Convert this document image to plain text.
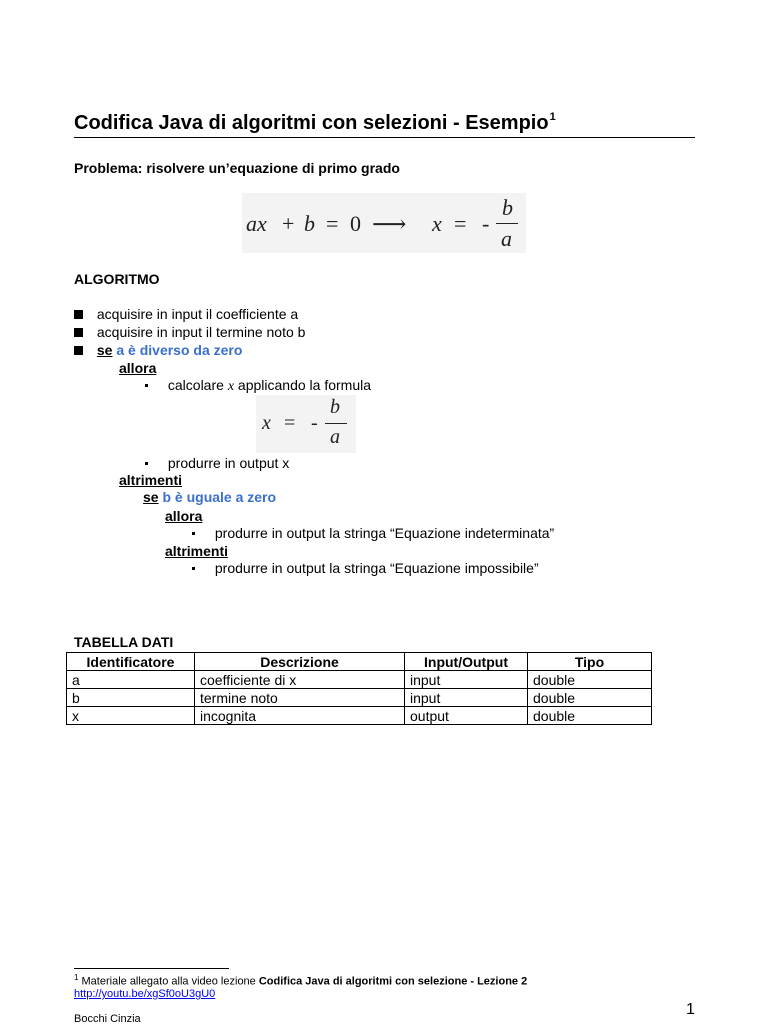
Codifica Java di algoritmi con selezioni - Esempio$^1$
Problema: risolvere un’equazione di primo grado
ax + b = 0 ⟶ x = -
b
a
ALGORITMO
acquisire in input il coefficiente a
acquisire in input il termine noto b
se a è diverso da zero
allora
calcolare x applicando la formula
x = -
b
a
produrre in output x
altrimenti
se b è uguale a zero
allora
produrre in output la stringa “Equazione indeterminata”
altrimenti
produrre in output la stringa “Equazione impossibile”
TABELLA DATI
Identificatore	Descrizione	Input/Output	Tipo
a	coefficiente di x	input	double
b	termine noto	input	double
x	incognita	output	double
$^1$ Materiale allegato alla video lezione Codifica Java di algoritmi con selezione - Lezione 2
http://youtu.be/xgSf0oU3gU0
1
Bocchi Cinzia
